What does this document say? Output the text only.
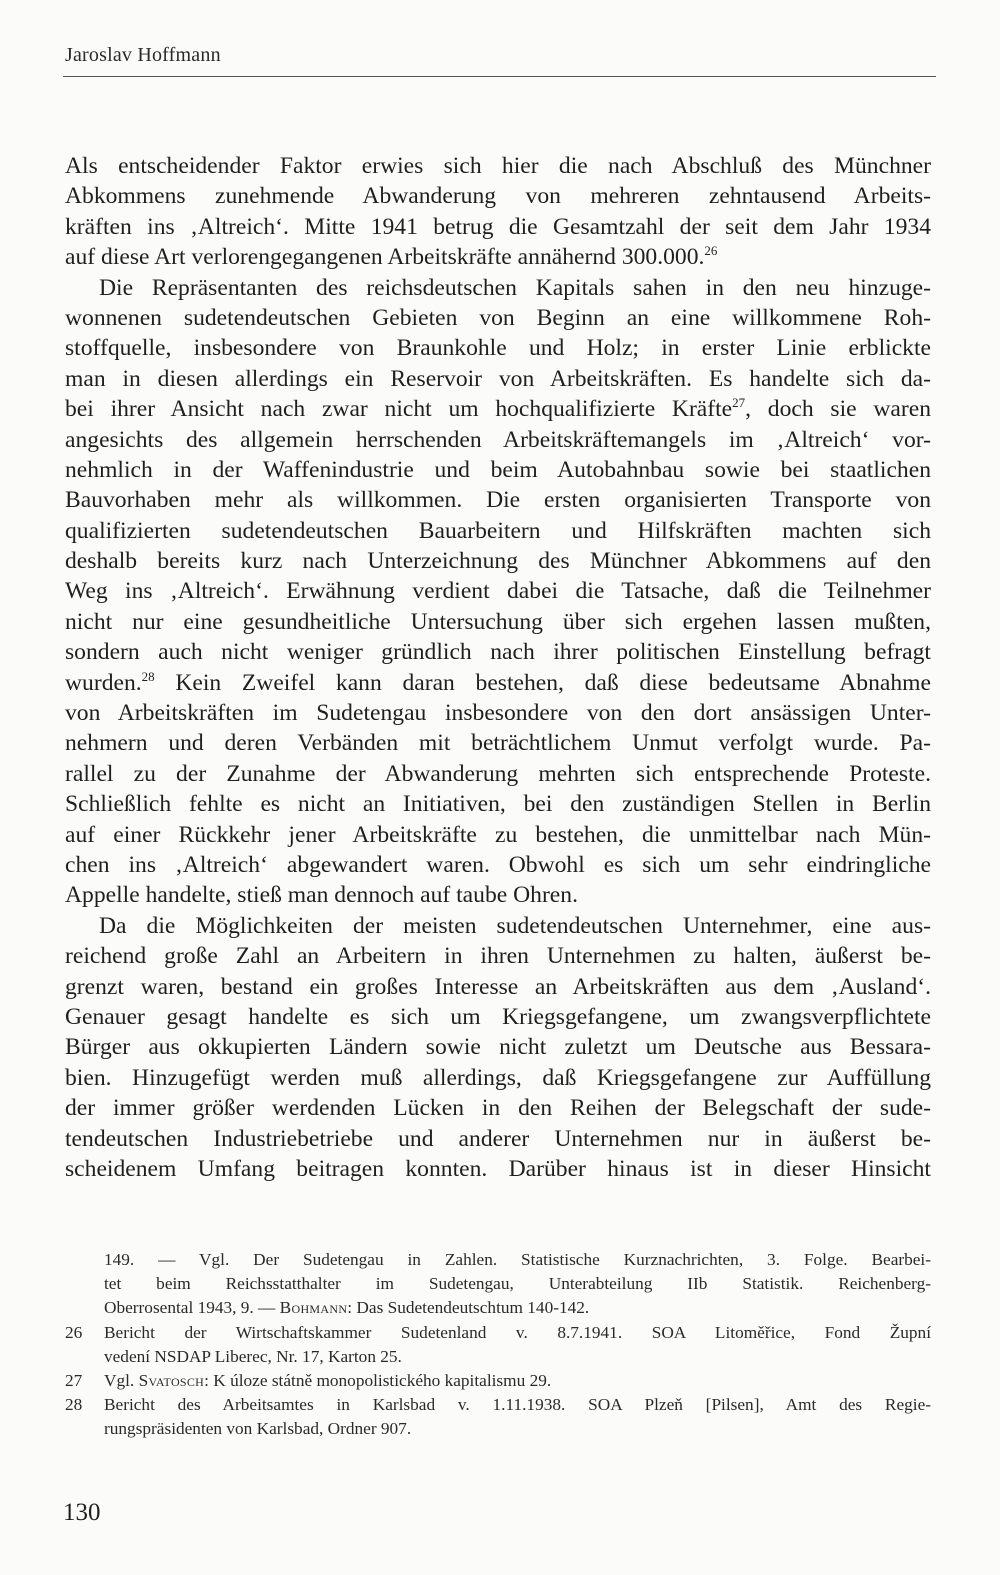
Jaroslav Hoffmann
Als entscheidender Faktor erwies sich hier die nach Abschluß des Münchner
Abkommens zunehmende Abwanderung von mehreren zehntausend Arbeits-
kräften ins ‚Altreich‘. Mitte 1941 betrug die Gesamtzahl der seit dem Jahr 1934
auf diese Art verlorengegangenen Arbeitskräfte annähernd 300.000.26
Die Repräsentanten des reichsdeutschen Kapitals sahen in den neu hinzuge-
wonnenen sudetendeutschen Gebieten von Beginn an eine willkommene Roh-
stoffquelle, insbesondere von Braunkohle und Holz; in erster Linie erblickte
man in diesen allerdings ein Reservoir von Arbeitskräften. Es handelte sich da-
bei ihrer Ansicht nach zwar nicht um hochqualifizierte Kräfte$^{27}$, doch sie waren
angesichts des allgemein herrschenden Arbeitskräftemangels im ‚Altreich‘ vor-
nehmlich in der Waffenindustrie und beim Autobahnbau sowie bei staatlichen
Bauvorhaben mehr als willkommen. Die ersten organisierten Transporte von
qualifizierten sudetendeutschen Bauarbeitern und Hilfskräften machten sich
deshalb bereits kurz nach Unterzeichnung des Münchner Abkommens auf den
Weg ins ‚Altreich‘. Erwähnung verdient dabei die Tatsache, daß die Teilnehmer
nicht nur eine gesundheitliche Untersuchung über sich ergehen lassen mußten,
sondern auch nicht weniger gründlich nach ihrer politischen Einstellung befragt
wurden.$^{28}$ Kein Zweifel kann daran bestehen, daß diese bedeutsame Abnahme
von Arbeitskräften im Sudetengau insbesondere von den dort ansässigen Unter-
nehmern und deren Verbänden mit beträchtlichem Unmut verfolgt wurde. Pa-
rallel zu der Zunahme der Abwanderung mehrten sich entsprechende Proteste.
Schließlich fehlte es nicht an Initiativen, bei den zuständigen Stellen in Berlin
auf einer Rückkehr jener Arbeitskräfte zu bestehen, die unmittelbar nach Mün-
chen ins ‚Altreich‘ abgewandert waren. Obwohl es sich um sehr eindringliche
Appelle handelte, stieß man dennoch auf taube Ohren.
Da die Möglichkeiten der meisten sudetendeutschen Unternehmer, eine aus-
reichend große Zahl an Arbeitern in ihren Unternehmen zu halten, äußerst be-
grenzt waren, bestand ein großes Interesse an Arbeitskräften aus dem ‚Ausland‘.
Genauer gesagt handelte es sich um Kriegsgefangene, um zwangsverpflichtete
Bürger aus okkupierten Ländern sowie nicht zuletzt um Deutsche aus Bessara-
bien. Hinzugefügt werden muß allerdings, daß Kriegsgefangene zur Auffüllung
der immer größer werdenden Lücken in den Reihen der Belegschaft der sude-
tendeutschen Industriebetriebe und anderer Unternehmen nur in äußerst be-
scheidenem Umfang beitragen konnten. Darüber hinaus ist in dieser Hinsicht
149. — Vgl. Der Sudetengau in Zahlen. Statistische Kurznachrichten, 3. Folge. Bearbei-
tet beim Reichsstatthalter im Sudetengau, Unterabteilung IIb Statistik. Reichenberg-
Oberrosental 1943, 9. — Bohmann: Das Sudetendeutschtum 140-142.
26 Bericht der Wirtschaftskammer Sudetenland v. 8.7.1941. SOA Litoměřice, Fond Župní
vedení NSDAP Liberec, Nr. 17, Karton 25.
27 Vgl. Svatosch: K úloze státně monopolistického kapitalismu 29.
28 Bericht des Arbeitsamtes in Karlsbad v. 1.11.1938. SOA Plzeň [Pilsen], Amt des Regie-
rungspräsidenten von Karlsbad, Ordner 907.
130
